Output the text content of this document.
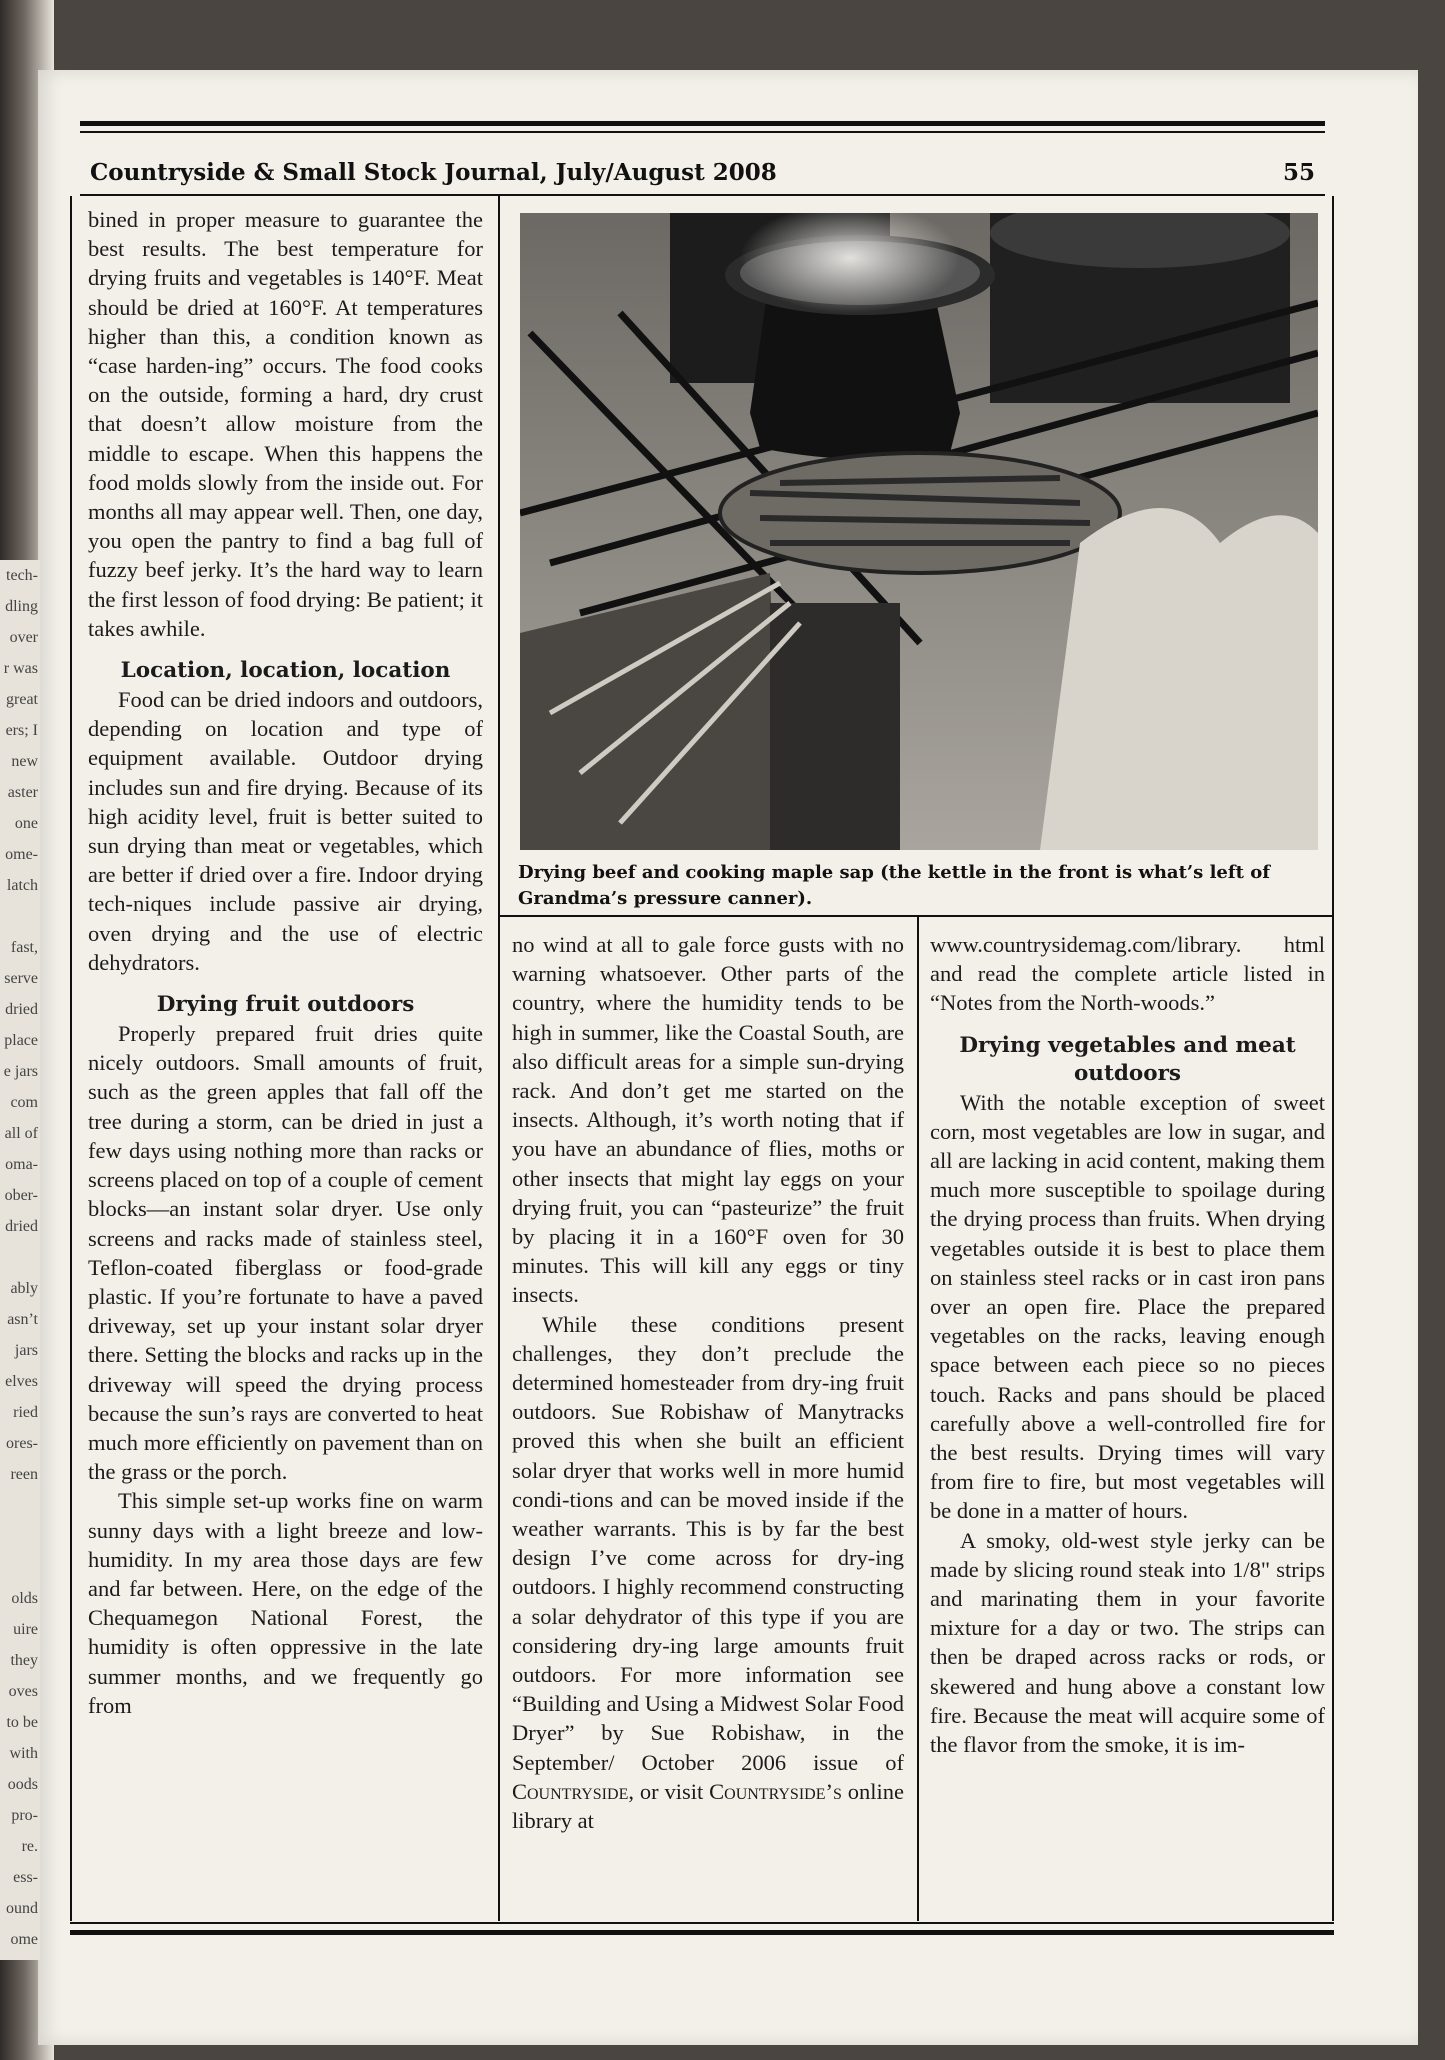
tech-
dling
over
r was
great
ers; I
new
aster
one
ome-
latch

fast,
serve
dried
place
e jars
com
all of
oma-
ober-
dried

ably
asn’t
jars
elves
ried
ores-
reen

olds
uire
they
oves
to be
with
oods
pro-
re.
ess-
ound
ome
Countryside & Small Stock Journal, July/August 2008	55

bined in proper measure to guarantee the best results. The best temperature for drying fruits and vegetables is 140°F. Meat should be dried at 160°F. At temperatures higher than this, a condition known as “case harden-ing” occurs. The food cooks on the outside, forming a hard, dry crust that doesn’t allow moisture from the middle to escape. When this happens the food molds slowly from the inside out. For months all may appear well. Then, one day, you open the pantry to find a bag full of fuzzy beef jerky. It’s the hard way to learn the first lesson of food drying: Be patient; it takes awhile.

Location, location, location

Food can be dried indoors and outdoors, depending on location and type of equipment available. Outdoor drying includes sun and fire drying. Because of its high acidity level, fruit is better suited to sun drying than meat or vegetables, which are better if dried over a fire. Indoor drying tech-niques include passive air drying, oven drying and the use of electric dehydrators.

Drying fruit outdoors

Properly prepared fruit dries quite nicely outdoors. Small amounts of fruit, such as the green apples that fall off the tree during a storm, can be dried in just a few days using nothing more than racks or screens placed on top of a couple of cement blocks—an instant solar dryer. Use only screens and racks made of stainless steel, Teflon-coated fiberglass or food-grade plastic. If you’re fortunate to have a paved driveway, set up your instant solar dryer there. Setting the blocks and racks up in the driveway will speed the drying process because the sun’s rays are converted to heat much more efficiently on pavement than on the grass or the porch.

This simple set-up works fine on warm sunny days with a light breeze and low-humidity. In my area those days are few and far between. Here, on the edge of the Chequamegon National Forest, the humidity is often oppressive in the late summer months, and we frequently go from

Drying beef and cooking maple sap (the kettle in the front is what’s left of Grandma’s pressure canner).

no wind at all to gale force gusts with no warning whatsoever. Other parts of the country, where the humidity tends to be high in summer, like the Coastal South, are also difficult areas for a simple sun-drying rack. And don’t get me started on the insects. Although, it’s worth noting that if you have an abundance of flies, moths or other insects that might lay eggs on your drying fruit, you can “pasteurize” the fruit by placing it in a 160°F oven for 30 minutes. This will kill any eggs or tiny insects.

While these conditions present challenges, they don’t preclude the determined homesteader from dry-ing fruit outdoors. Sue Robishaw of Manytracks proved this when she built an efficient solar dryer that works well in more humid condi-tions and can be moved inside if the weather warrants. This is by far the best design I’ve come across for dry-ing outdoors. I highly recommend constructing a solar dehydrator of this type if you are considering dry-ing large amounts fruit outdoors. For more information see “Building and Using a Midwest Solar Food Dryer” by Sue Robishaw, in the September/ October 2006 issue of Countryside, or visit Countryside’s online library at

www.countrysidemag.com/library. html and read the complete article listed in “Notes from the North-woods.”

Drying vegetables and meat outdoors

With the notable exception of sweet corn, most vegetables are low in sugar, and all are lacking in acid content, making them much more susceptible to spoilage during the drying process than fruits. When drying vegetables outside it is best to place them on stainless steel racks or in cast iron pans over an open fire. Place the prepared vegetables on the racks, leaving enough space between each piece so no pieces touch. Racks and pans should be placed carefully above a well-controlled fire for the best results. Drying times will vary from fire to fire, but most vegetables will be done in a matter of hours.

A smoky, old-west style jerky can be made by slicing round steak into 1/8" strips and marinating them in your favorite mixture for a day or two. The strips can then be draped across racks or rods, or skewered and hung above a constant low fire. Because the meat will acquire some of the flavor from the smoke, it is im-
